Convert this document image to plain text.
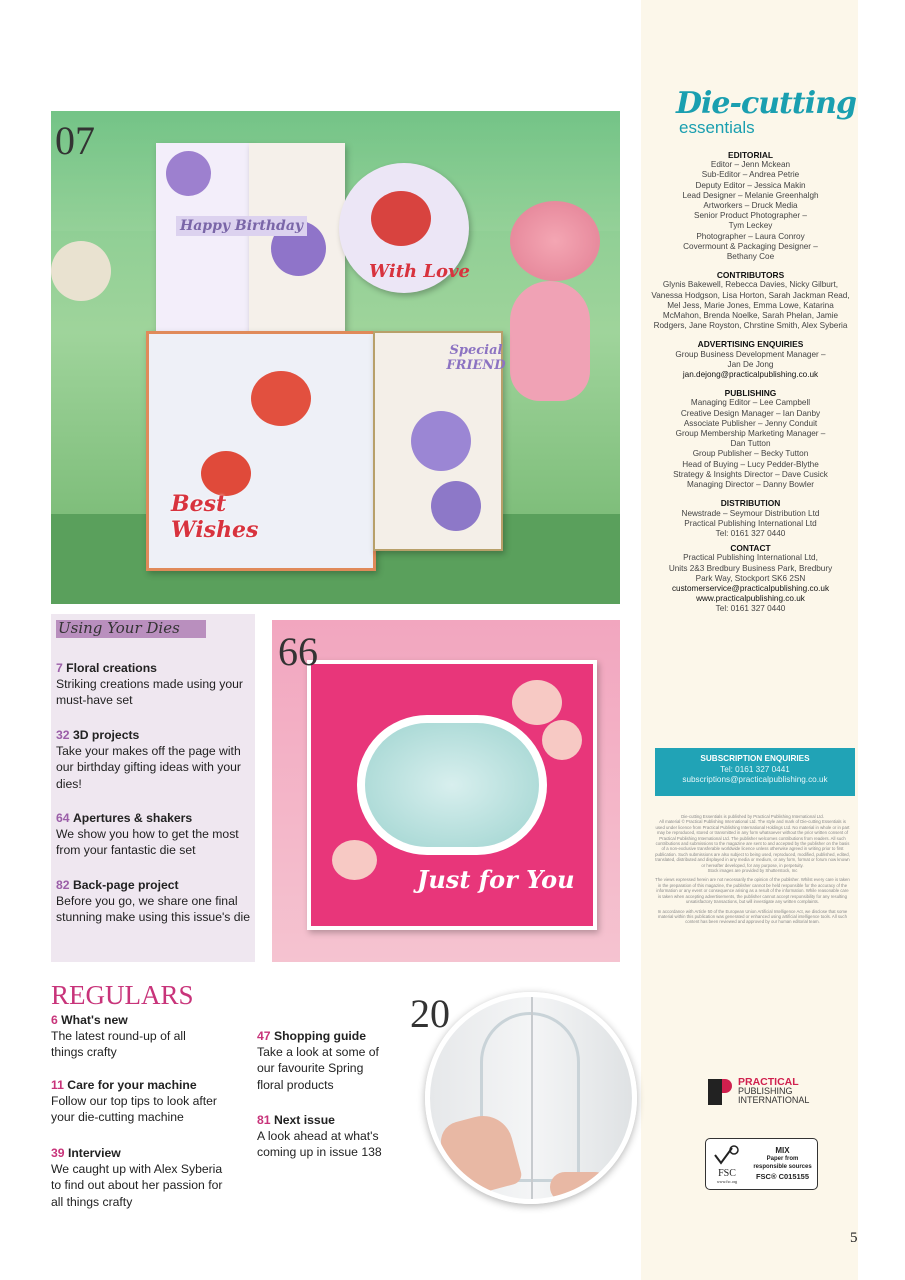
Die-cutting
essentials
EDITORIAL
Editor – Jenn Mckean
Sub-Editor – Andrea Petrie
Deputy Editor – Jessica Makin
Lead Designer – Melanie Greenhalgh
Artworkers – Druck Media
Senior Product Photographer –
Tym Leckey
Photographer – Laura Conroy
Covermount & Packaging Designer –
Bethany Coe
CONTRIBUTORS
Glynis Bakewell, Rebecca Davies, Nicky Gilburt, Vanessa Hodgson, Lisa Horton, Sarah Jackman Read, Mel Jess, Marie Jones, Emma Lowe, Katarina McMahon, Brenda Noelke, Sarah Phelan, Jamie Rodgers, Jane Royston, Chrstine Smith, Alex Syberia
ADVERTISING ENQUIRIES
Group Business Development Manager –
Jan De Jong
jan.dejong@practicalpublishing.co.uk
PUBLISHING
Managing Editor – Lee Campbell
Creative Design Manager – Ian Danby
Associate Publisher – Jenny Conduit
Group Membership Marketing Manager –
Dan Tutton
Group Publisher – Becky Tutton
Head of Buying – Lucy Pedder-Blythe
Strategy & Insights Director – Dave Cusick
Managing Director – Danny Bowler
DISTRIBUTION
Newstrade – Seymour Distribution Ltd
Practical Publishing International Ltd
Tel: 0161 327 0440
CONTACT
Practical Publishing International Ltd,
Units 2&3 Bredbury Business Park, Bredbury
Park Way, Stockport SK6 2SN
customerservice@practicalpublishing.co.uk
www.practicalpublishing.co.uk
Tel: 0161 327 0440
SUBSCRIPTION ENQUIRIES
Tel: 0161 327 0441
subscriptions@practicalpublishing.co.uk

Die-cutting Essentials is published by Practical Publishing International Ltd.

All material © Practical Publishing International Ltd. The style and mark of Die-cutting Essentials is used under licence from Practical Publishing International Holdings Ltd. No material in whole or in part may be reproduced, stored or transmitted in any form whatsoever without the prior written consent of Practical Publishing International Ltd. The publisher welcomes contributions from readers. All such contributions and submissions to the magazine are sent to and accepted by the publisher on the basis of a non-exclusive transferable worldwide licence unless otherwise agreed in writing prior to first publication. Such submissions are also subject to being used, reproduced, modified, published, edited, translated, distributed and displayed in any media or medium, or any form, format or forum now known or hereafter developed, for any purpose, in perpetuity.

Stock images are provided by Shutterstock, Inc

The views expressed herein are not necessarily the opinion of the publisher. Whilst every care is taken in the preparation of this magazine, the publisher cannot be held responsible for the accuracy of the information or any event or consequence arising as a result of the information. While reasonable care is taken when accepting advertisements, the publisher cannot accept responsibility for any resulting unsatisfactory transactions, but will investigate any written complaints.

In accordance with Article 50 of the European Union Artificial Intelligence Act, we disclose that some material within this publication was generated or enhanced using artificial intelligence tools. All such content has been reviewed and approved by our human editorial team.

PRACTICAL
PUBLISHING
INTERNATIONAL
FSC
www.fsc.org
MIX
Paper from
responsible sources
FSC® C015155
Happy Birthday
With Love
Special FRIEND
Best Wishes
07
Using Your Dies
7 Floral creations
Striking creations made using your must-have set
32 3D projects
Take your makes off the page with our birthday gifting ideas with your dies!
64 Apertures & shakers
We show you how to get the most from your fantastic die set
82 Back-page project
Before you go, we share one final stunning make using this issue's die
Just for You
66
REGULARS
6 What's new
The latest round-up of all things crafty
11 Care for your machine
Follow our top tips to look after your die-cutting machine
39 Interview
We caught up with Alex Syberia to find out about her passion for all things crafty
47 Shopping guide
Take a look at some of our favourite Spring floral products
81 Next issue
A look ahead at what's coming up in issue 138
20
5
